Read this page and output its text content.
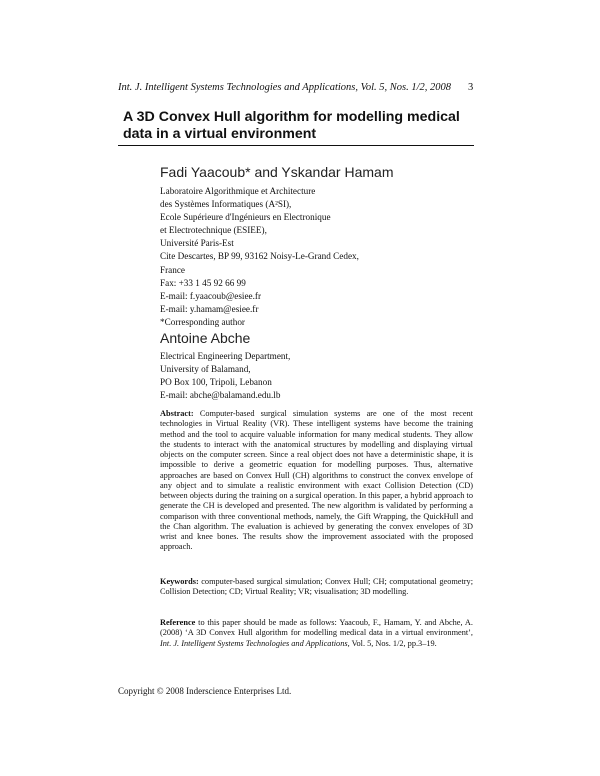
Int. J. Intelligent Systems Technologies and Applications, Vol. 5, Nos. 1/2, 2008	3
A 3D Convex Hull algorithm for modelling medical
data in a virtual environment
Fadi Yaacoub* and Yskandar Hamam
Laboratoire Algorithmique et Architecture
des Systèmes Informatiques (A²SI),
Ecole Supérieure d'Ingénieurs en Electronique
et Electrotechnique (ESIEE),
Université Paris-Est
Cite Descartes, BP 99, 93162 Noisy-Le-Grand Cedex,
France
Fax: +33 1 45 92 66 99
E-mail: f.yaacoub@esiee.fr
E-mail: y.hamam@esiee.fr
*Corresponding author
Antoine Abche
Electrical Engineering Department,
University of Balamand,
PO Box 100, Tripoli, Lebanon
E-mail: abche@balamand.edu.lb
Abstract: Computer-based surgical simulation systems are one of the most recent technologies in Virtual Reality (VR). These intelligent systems have become the training method and the tool to acquire valuable information for many medical students. They allow the students to interact with the anatomical structures by modelling and displaying virtual objects on the computer screen. Since a real object does not have a deterministic shape, it is impossible to derive a geometric equation for modelling purposes. Thus, alternative approaches are based on Convex Hull (CH) algorithms to construct the convex envelope of any object and to simulate a realistic environment with exact Collision Detection (CD) between objects during the training on a surgical operation. In this paper, a hybrid approach to generate the CH is developed and presented. The new algorithm is validated by performing a comparison with three conventional methods, namely, the Gift Wrapping, the QuickHull and the Chan algorithm. The evaluation is achieved by generating the convex envelopes of 3D wrist and knee bones. The results show the improvement associated with the proposed approach.
Keywords: computer-based surgical simulation; Convex Hull; CH; computational geometry; Collision Detection; CD; Virtual Reality; VR; visualisation; 3D modelling.
Reference to this paper should be made as follows: Yaacoub, F., Hamam, Y. and Abche, A. (2008) ‘A 3D Convex Hull algorithm for modelling medical data in a virtual environment’, Int. J. Intelligent Systems Technologies and Applications, Vol. 5, Nos. 1/2, pp.3–19.
Copyright © 2008 Inderscience Enterprises Ltd.
